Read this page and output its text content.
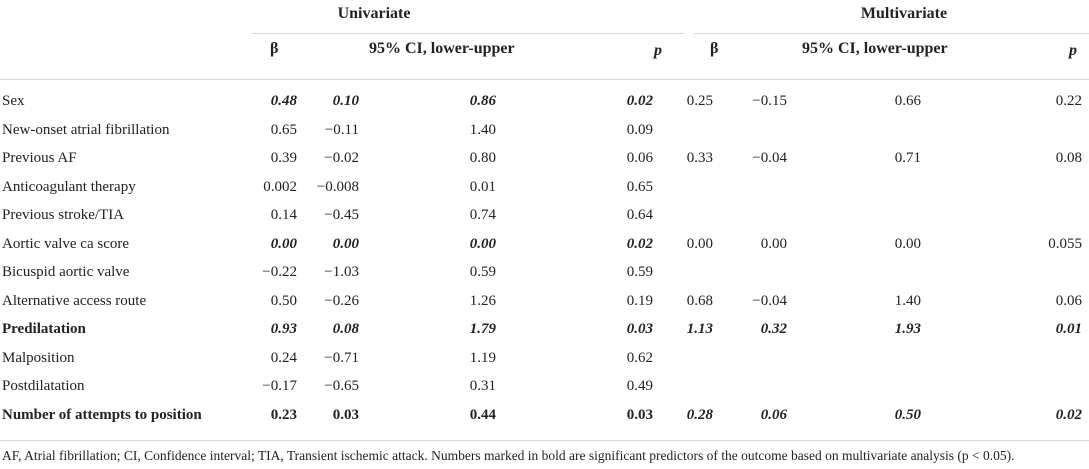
Univariate	Multivariate
β	95% CI, lower-upper	p	β	95% CI, lower-upper	p
Sex	0.48	0.10	0.86	0.02	0.25	−0.15	0.66	0.22
New-onset atrial fibrillation	0.65	−0.11	1.40	0.09
Previous AF	0.39	−0.02	0.80	0.06	0.33	−0.04	0.71	0.08
Anticoagulant therapy	0.002	−0.008	0.01	0.65
Previous stroke/TIA	0.14	−0.45	0.74	0.64
Aortic valve ca score	0.00	0.00	0.00	0.02	0.00	0.00	0.00	0.055
Bicuspid aortic valve	−0.22	−1.03	0.59	0.59
Alternative access route	0.50	−0.26	1.26	0.19	0.68	−0.04	1.40	0.06
Predilatation	0.93	0.08	1.79	0.03	1.13	0.32	1.93	0.01
Malposition	0.24	−0.71	1.19	0.62
Postdilatation	−0.17	−0.65	0.31	0.49
Number of attempts to position	0.23	0.03	0.44	0.03	0.28	0.06	0.50	0.02
AF, Atrial fibrillation; CI, Confidence interval; TIA, Transient ischemic attack. Numbers marked in bold are significant predictors of the outcome based on multivariate analysis (p < 0.05).
